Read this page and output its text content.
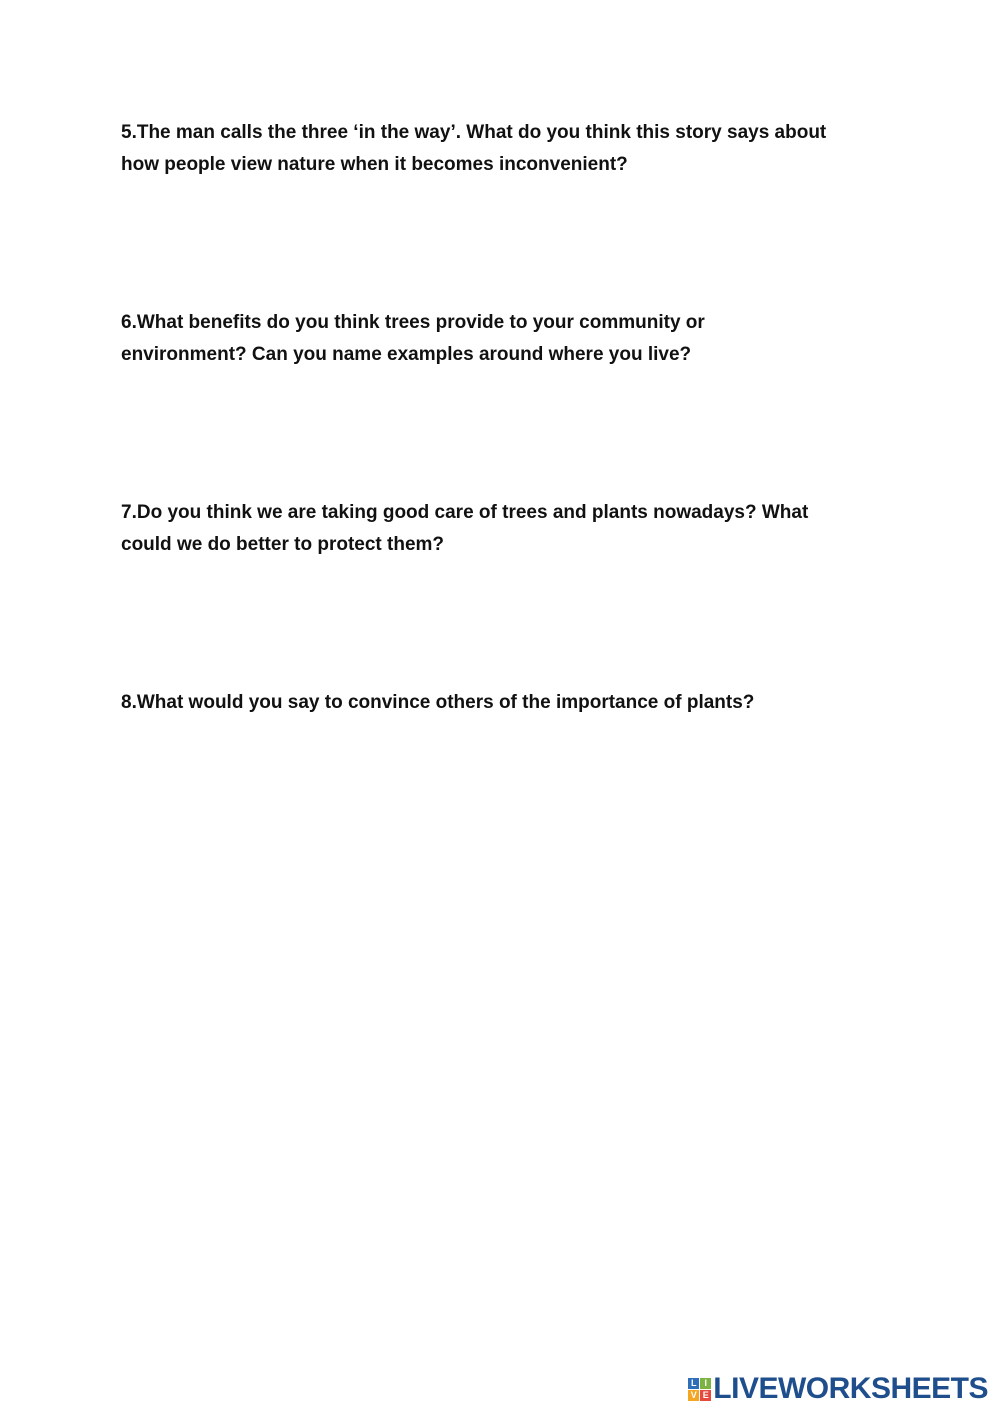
5.The man calls the three ‘in the way’. What do you think this story says about
how people view nature when it becomes inconvenient?

6.What benefits do you think trees provide to your community or
environment? Can you name examples around where you live?

7.Do you think we are taking good care of trees and plants nowadays? What
could we do better to protect them?

8.What would you say to convince others of the importance of plants?

L I
V E LIVEWORKSHEETS
